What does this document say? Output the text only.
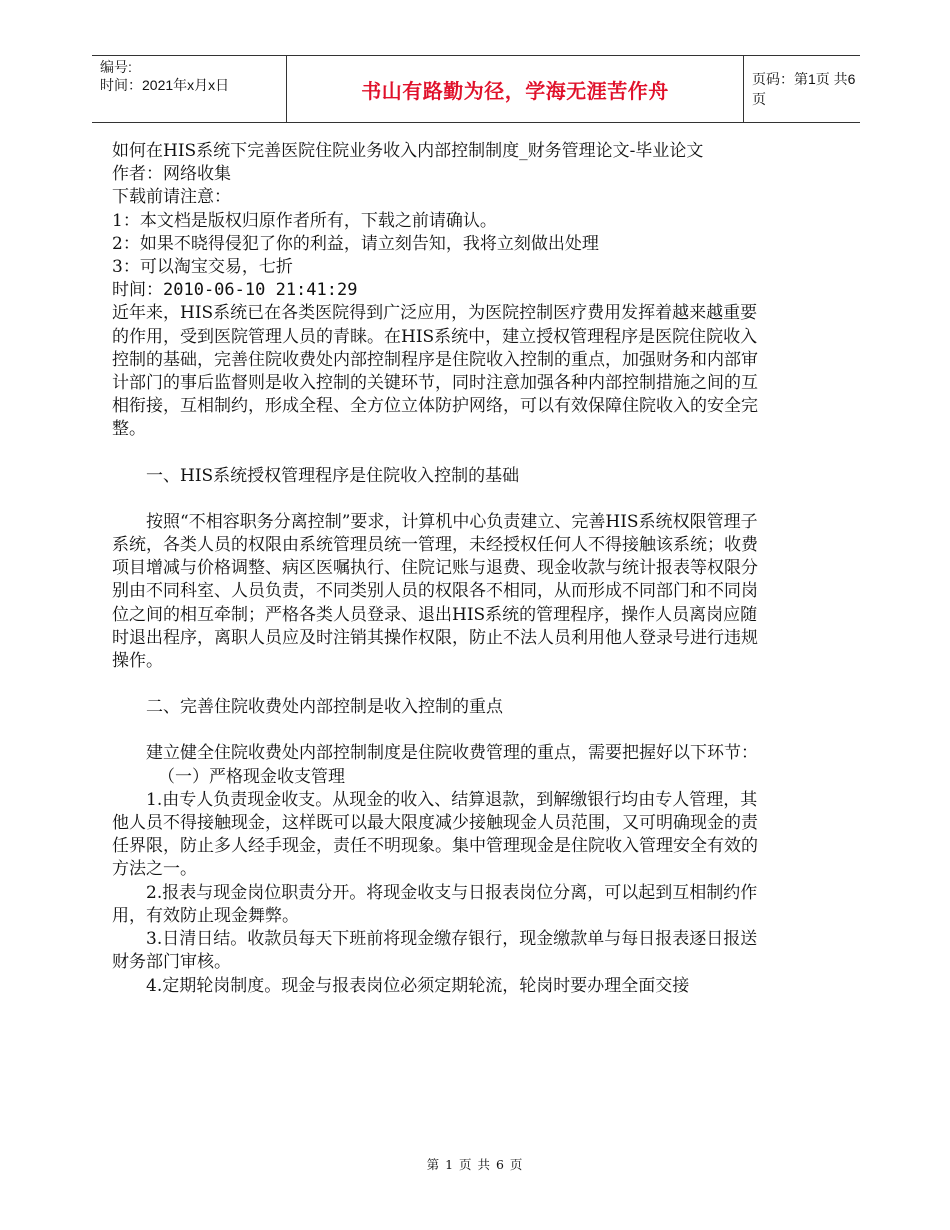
编号:
时间：2021年x月x日	书山有路勤为径，学海无涯苦作舟	页码：第1页 共6页

如何在HIS系统下完善医院住院业务收入内部控制制度_财务管理论文-毕业论文

作者：网络收集

下载前请注意：

1：本文档是版权归原作者所有，下载之前请确认。

2：如果不晓得侵犯了你的利益，请立刻告知，我将立刻做出处理

3：可以淘宝交易，七折

时间：2010-06-10 21:41:29

近年来，HIS系统已在各类医院得到广泛应用，为医院控制医疗费用发挥着越来越重要的作用，受到医院管理人员的青睐。在HIS系统中，建立授权管理程序是医院住院收入控制的基础，完善住院收费处内部控制程序是住院收入控制的重点，加强财务和内部审计部门的事后监督则是收入控制的关键环节，同时注意加强各种内部控制措施之间的互相衔接，互相制约，形成全程、全方位立体防护网络，可以有效保障住院收入的安全完整。

一、HIS系统授权管理程序是住院收入控制的基础

按照“不相容职务分离控制”要求，计算机中心负责建立、完善HIS系统权限管理子系统，各类人员的权限由系统管理员统一管理，未经授权任何人不得接触该系统；收费项目增减与价格调整、病区医嘱执行、住院记账与退费、现金收款与统计报表等权限分别由不同科室、人员负责，不同类别人员的权限各不相同，从而形成不同部门和不同岗位之间的相互牵制；严格各类人员登录、退出HIS系统的管理程序，操作人员离岗应随时退出程序，离职人员应及时注销其操作权限，防止不法人员利用他人登录号进行违规操作。

二、完善住院收费处内部控制是收入控制的重点

建立健全住院收费处内部控制制度是住院收费管理的重点，需要把握好以下环节：

（一）严格现金收支管理

1.由专人负责现金收支。从现金的收入、结算退款，到解缴银行均由专人管理，其他人员不得接触现金，这样既可以最大限度减少接触现金人员范围，又可明确现金的责任界限，防止多人经手现金，责任不明现象。集中管理现金是住院收入管理安全有效的方法之一。

2.报表与现金岗位职责分开。将现金收支与日报表岗位分离，可以起到互相制约作用，有效防止现金舞弊。

3.日清日结。收款员每天下班前将现金缴存银行，现金缴款单与每日报表逐日报送财务部门审核。

4.定期轮岗制度。现金与报表岗位必须定期轮流，轮岗时要办理全面交接

第 1 页 共 6 页
